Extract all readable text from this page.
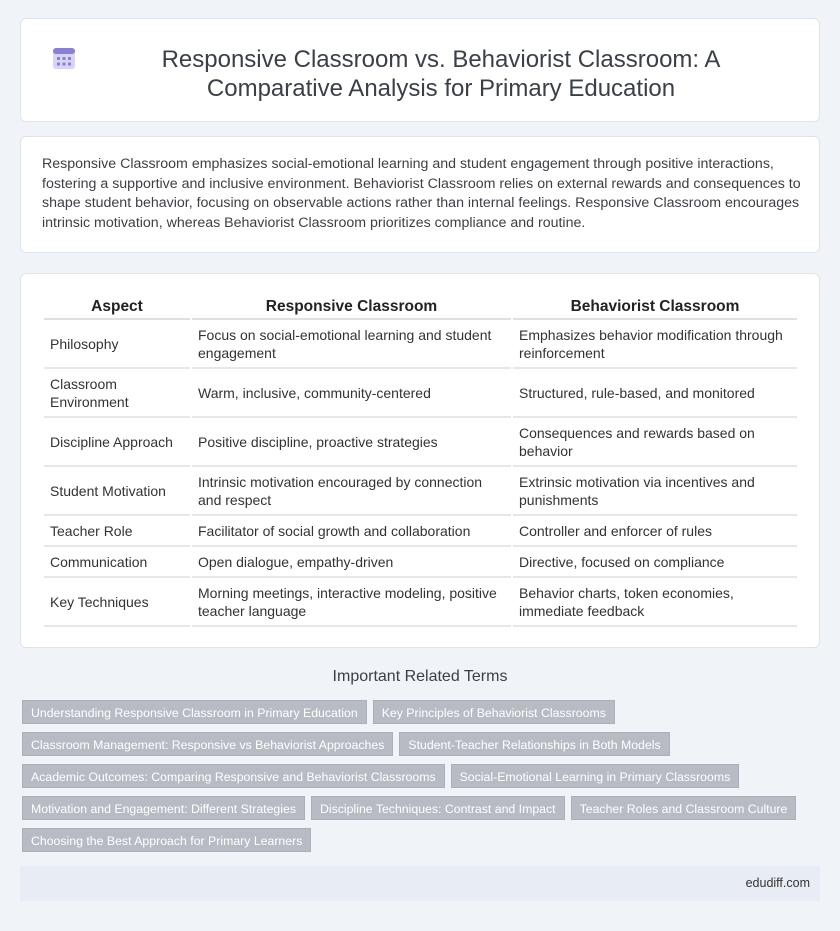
Responsive Classroom vs. Behaviorist Classroom: A Comparative Analysis for Primary Education

Responsive Classroom emphasizes social-emotional learning and student engagement through positive interactions, fostering a supportive and inclusive environment. Behaviorist Classroom relies on external rewards and consequences to shape student behavior, focusing on observable actions rather than internal feelings. Responsive Classroom encourages intrinsic motivation, whereas Behaviorist Classroom prioritizes compliance and routine.

Aspect	Responsive Classroom	Behaviorist Classroom
Philosophy	Focus on social-emotional learning and student engagement	Emphasizes behavior modification through reinforcement
Classroom Environment	Warm, inclusive, community-centered	Structured, rule-based, and monitored
Discipline Approach	Positive discipline, proactive strategies	Consequences and rewards based on behavior
Student Motivation	Intrinsic motivation encouraged by connection and respect	Extrinsic motivation via incentives and punishments
Teacher Role	Facilitator of social growth and collaboration	Controller and enforcer of rules
Communication	Open dialogue, empathy-driven	Directive, focused on compliance
Key Techniques	Morning meetings, interactive modeling, positive teacher language	Behavior charts, token economies, immediate feedback
Important Related Terms
Understanding Responsive Classroom in Primary Education	Key Principles of Behaviorist Classrooms
Classroom Management: Responsive vs Behaviorist Approaches	Student-Teacher Relationships in Both Models
Academic Outcomes: Comparing Responsive and Behaviorist Classrooms	Social-Emotional Learning in Primary Classrooms
Motivation and Engagement: Different Strategies	Discipline Techniques: Contrast and Impact	Teacher Roles and Classroom Culture
Choosing the Best Approach for Primary Learners
edudiff.com
